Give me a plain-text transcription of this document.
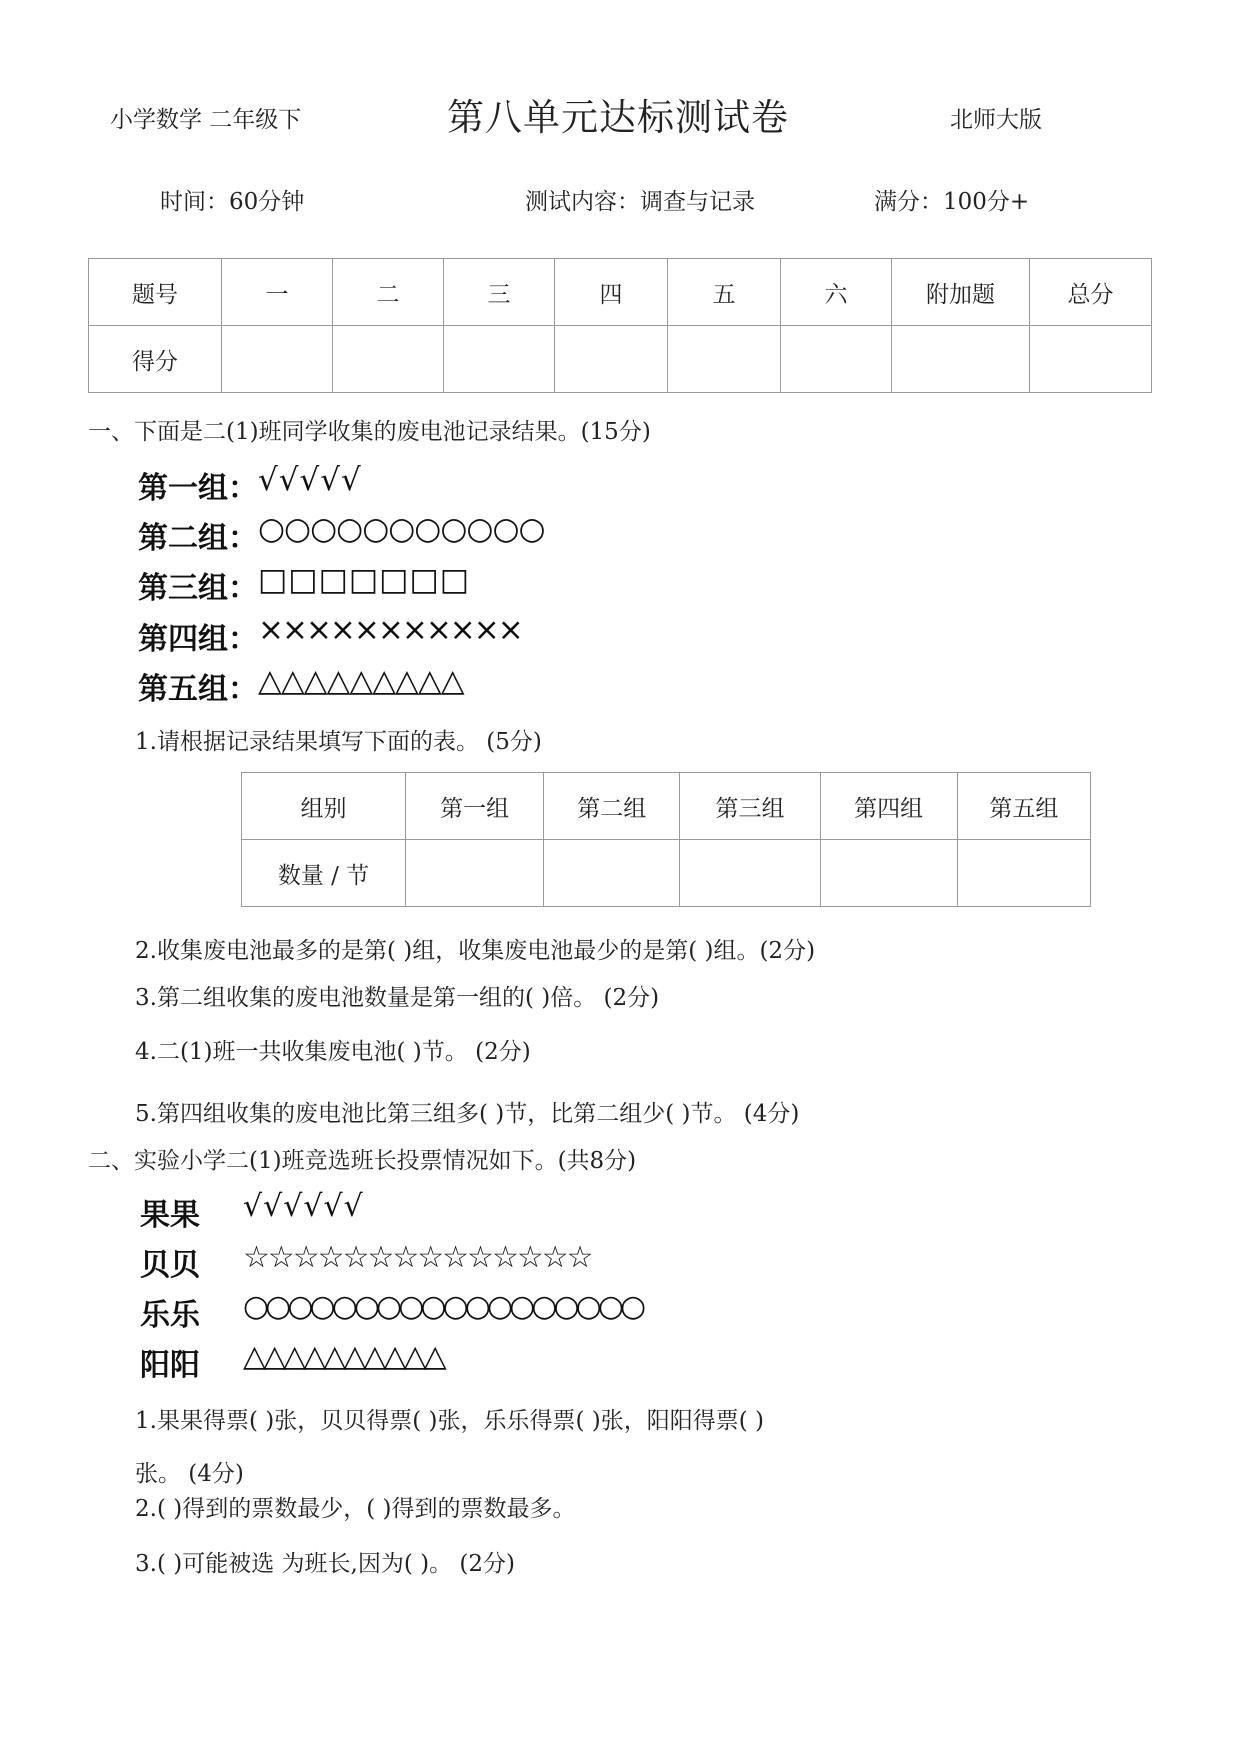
小学数学 二年级下	第八单元达标测试卷	北师大版
时间：60分钟	测试内容：调查与记录	满分：100分+
题号	一	二	三	四	五	六	附加题	总分
得分								
一、下面是二(1)班同学收集的废电池记录结果。(15分)
第一组： √√√√√
第二组： ○○○○○○○○○○○
第三组： □□□□□□□
第四组： ×××××××××××
第五组： △△△△△△△△△
1.请根据记录结果填写下面的表。 (5分)
组别	第一组	第二组	第三组	第四组	第五组
数量 / 节					
2.收集废电池最多的是第( )组，收集废电池最少的是第( )组。(2分)
3.第二组收集的废电池数量是第一组的( )倍。 (2分)
4.二(1)班一共收集废电池( )节。 (2分)
5.第四组收集的废电池比第三组多( )节，比第二组少( )节。 (4分)
二、实验小学二(1)班竞选班长投票情况如下。(共8分)
果果 √√√√√√
贝贝 ☆☆☆☆☆☆☆☆☆☆☆☆☆☆
乐乐 ○○○○○○○○○○○○○○○○○○
阳阳 △△△△△△△△△△
1.果果得票( )张，贝贝得票( )张，乐乐得票( )张，阳阳得票( )
张。 (4分)
2.( )得到的票数最少，( )得到的票数最多。
3.( )可能被选 为班长,因为( )。 (2分)
